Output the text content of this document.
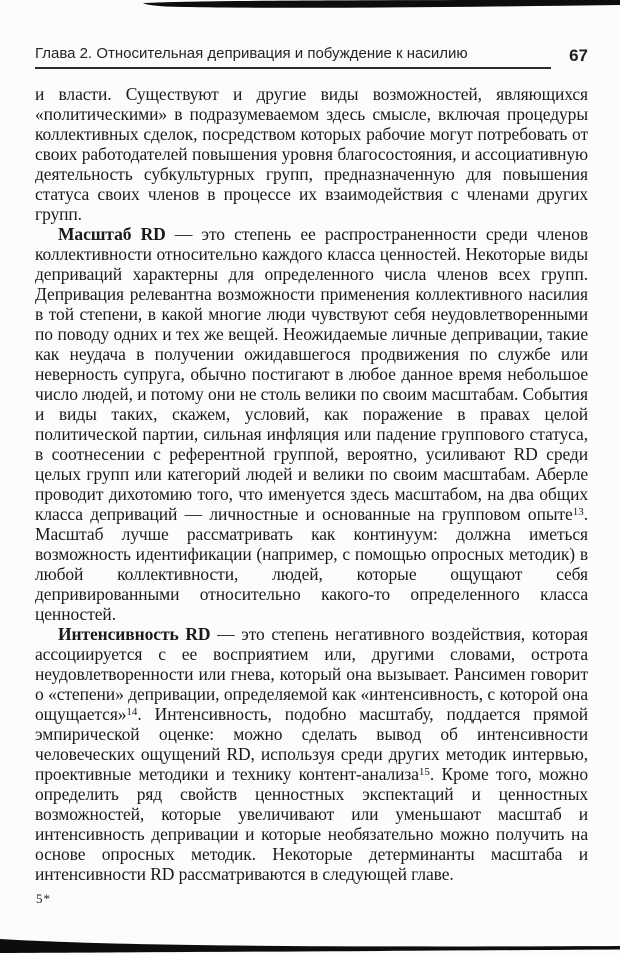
Глава 2. Относительная депривация и побуждение к насилию	67

и власти. Существуют и другие виды возможностей, являющихся «политическими» в подразумеваемом здесь смысле, включая процедуры коллективных сделок, посредством которых рабочие могут потребовать от своих работодателей повышения уровня благосостояния, и ассоциативную деятельность субкультурных групп, предназначенную для повышения статуса своих членов в процессе их взаимодействия с членами других групп.

Масштаб RD — это степень ее распространенности среди членов коллективности относительно каждого класса ценностей. Некоторые виды деприваций характерны для определенного числа членов всех групп. Депривация релевантна возможности применения коллективного насилия в той степени, в какой многие люди чувствуют себя неудовлетворенными по поводу одних и тех же вещей. Неожидаемые личные депривации, такие как неудача в получении ожидавшегося продвижения по службе или неверность супруга, обычно постигают в любое данное время небольшое число людей, и потому они не столь велики по своим масштабам. События и виды таких, скажем, условий, как поражение в правах целой политической партии, сильная инфляция или падение группового статуса, в соотнесении с референтной группой, вероятно, усиливают RD среди целых групп или категорий людей и велики по своим масштабам. Аберле проводит дихотомию того, что именуется здесь масштабом, на два общих класса деприваций — личностные и основанные на групповом опыте$^{13}$. Масштаб лучше рассматривать как континуум: должна иметься возможность идентификации (например, с помощью опросных методик) в любой коллективности, людей, которые ощущают себя депривированными относительно какого-то определенного класса ценностей.

Интенсивность RD — это степень негативного воздействия, которая ассоциируется с ее восприятием или, другими словами, острота неудовлетворенности или гнева, который она вызывает. Рансимен говорит о «степени» депривации, определяемой как «интенсивность, с которой она ощущается»$^{14}$. Интенсивность, подобно масштабу, поддается прямой эмпирической оценке: можно сделать вывод об интенсивности человеческих ощущений RD, используя среди других методик интервью, проективные методики и технику контент-анализа$^{15}$. Кроме того, можно определить ряд свойств ценностных экспектаций и ценностных возможностей, которые увеличивают или уменьшают масштаб и интенсивность депривации и которые необязательно можно получить на основе опросных методик. Некоторые детерминанты масштаба и интенсивности RD рассматриваются в следующей главе.

5*
